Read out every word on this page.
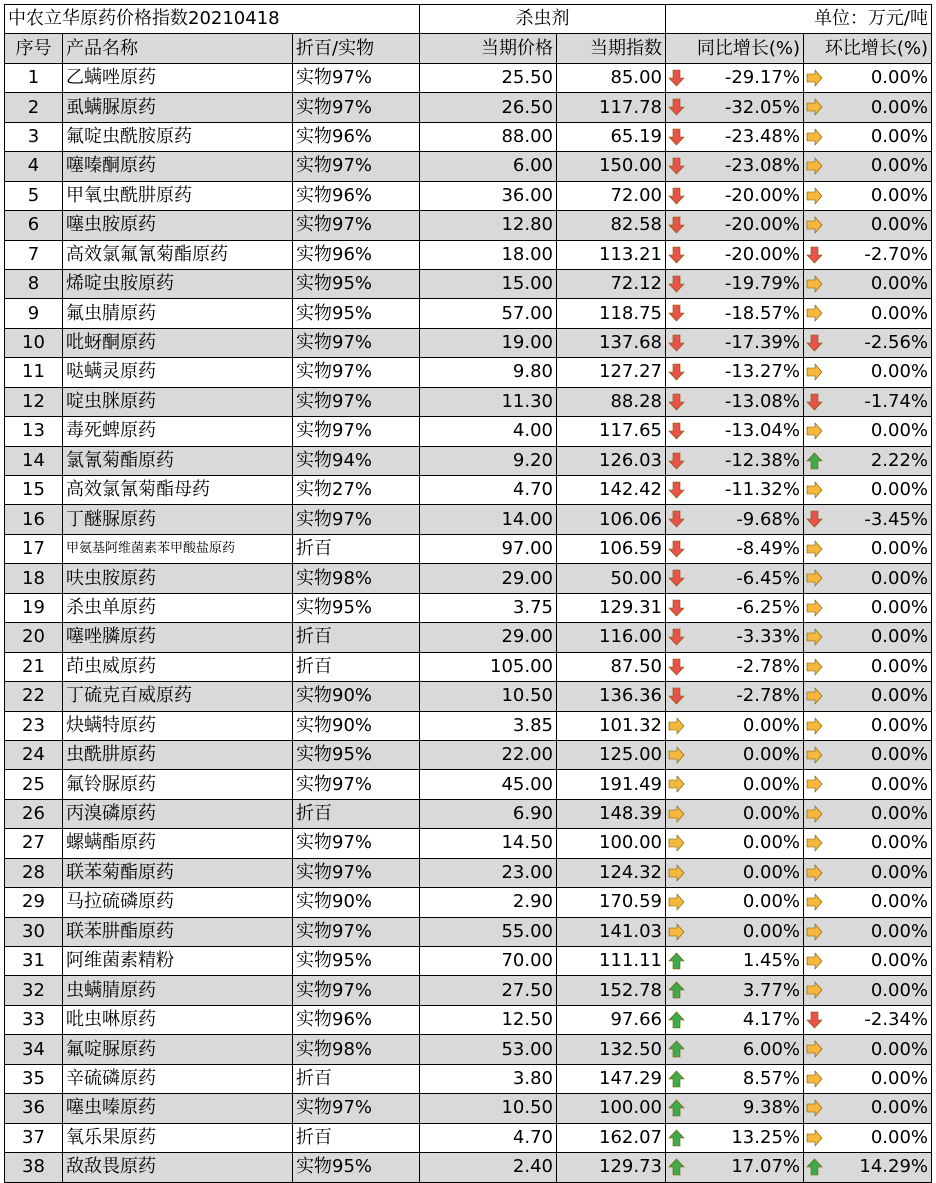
中农立华原药价格指数20210418			杀虫剂		单位：万元/吨	
序号	产品名称	折百/实物	当期价格	当期指数	同比增长(%)	环比增长(%)
1	乙螨唑原药	实物97%	25.50	85.00	-29.17%	0.00%
2	虱螨脲原药	实物97%	26.50	117.78	-32.05%	0.00%
3	氟啶虫酰胺原药	实物96%	88.00	65.19	-23.48%	0.00%
4	噻嗪酮原药	实物97%	6.00	150.00	-23.08%	0.00%
5	甲氧虫酰肼原药	实物96%	36.00	72.00	-20.00%	0.00%
6	噻虫胺原药	实物97%	12.80	82.58	-20.00%	0.00%
7	高效氯氟氰菊酯原药	实物96%	18.00	113.21	-20.00%	-2.70%
8	烯啶虫胺原药	实物95%	15.00	72.12	-19.79%	0.00%
9	氟虫腈原药	实物95%	57.00	118.75	-18.57%	0.00%
10	吡蚜酮原药	实物97%	19.00	137.68	-17.39%	-2.56%
11	哒螨灵原药	实物97%	9.80	127.27	-13.27%	0.00%
12	啶虫脒原药	实物97%	11.30	88.28	-13.08%	-1.74%
13	毒死蜱原药	实物97%	4.00	117.65	-13.04%	0.00%
14	氯氰菊酯原药	实物94%	9.20	126.03	-12.38%	2.22%
15	高效氯氰菊酯母药	实物27%	4.70	142.42	-11.32%	0.00%
16	丁醚脲原药	实物97%	14.00	106.06	-9.68%	-3.45%
17	甲氨基阿维菌素苯甲酸盐原药	折百	97.00	106.59	-8.49%	0.00%
18	呋虫胺原药	实物98%	29.00	50.00	-6.45%	0.00%
19	杀虫单原药	实物95%	3.75	129.31	-6.25%	0.00%
20	噻唑膦原药	折百	29.00	116.00	-3.33%	0.00%
21	茚虫威原药	折百	105.00	87.50	-2.78%	0.00%
22	丁硫克百威原药	实物90%	10.50	136.36	-2.78%	0.00%
23	炔螨特原药	实物90%	3.85	101.32	0.00%	0.00%
24	虫酰肼原药	实物95%	22.00	125.00	0.00%	0.00%
25	氟铃脲原药	实物97%	45.00	191.49	0.00%	0.00%
26	丙溴磷原药	折百	6.90	148.39	0.00%	0.00%
27	螺螨酯原药	实物97%	14.50	100.00	0.00%	0.00%
28	联苯菊酯原药	实物97%	23.00	124.32	0.00%	0.00%
29	马拉硫磷原药	实物90%	2.90	170.59	0.00%	0.00%
30	联苯肼酯原药	实物97%	55.00	141.03	0.00%	0.00%
31	阿维菌素精粉	实物95%	70.00	111.11	1.45%	0.00%
32	虫螨腈原药	实物97%	27.50	152.78	3.77%	0.00%
33	吡虫啉原药	实物96%	12.50	97.66	4.17%	-2.34%
34	氟啶脲原药	实物98%	53.00	132.50	6.00%	0.00%
35	辛硫磷原药	折百	3.80	147.29	8.57%	0.00%
36	噻虫嗪原药	实物97%	10.50	100.00	9.38%	0.00%
37	氧乐果原药	折百	4.70	162.07	13.25%	0.00%
38	敌敌畏原药	实物95%	2.40	129.73	17.07%	14.29%
